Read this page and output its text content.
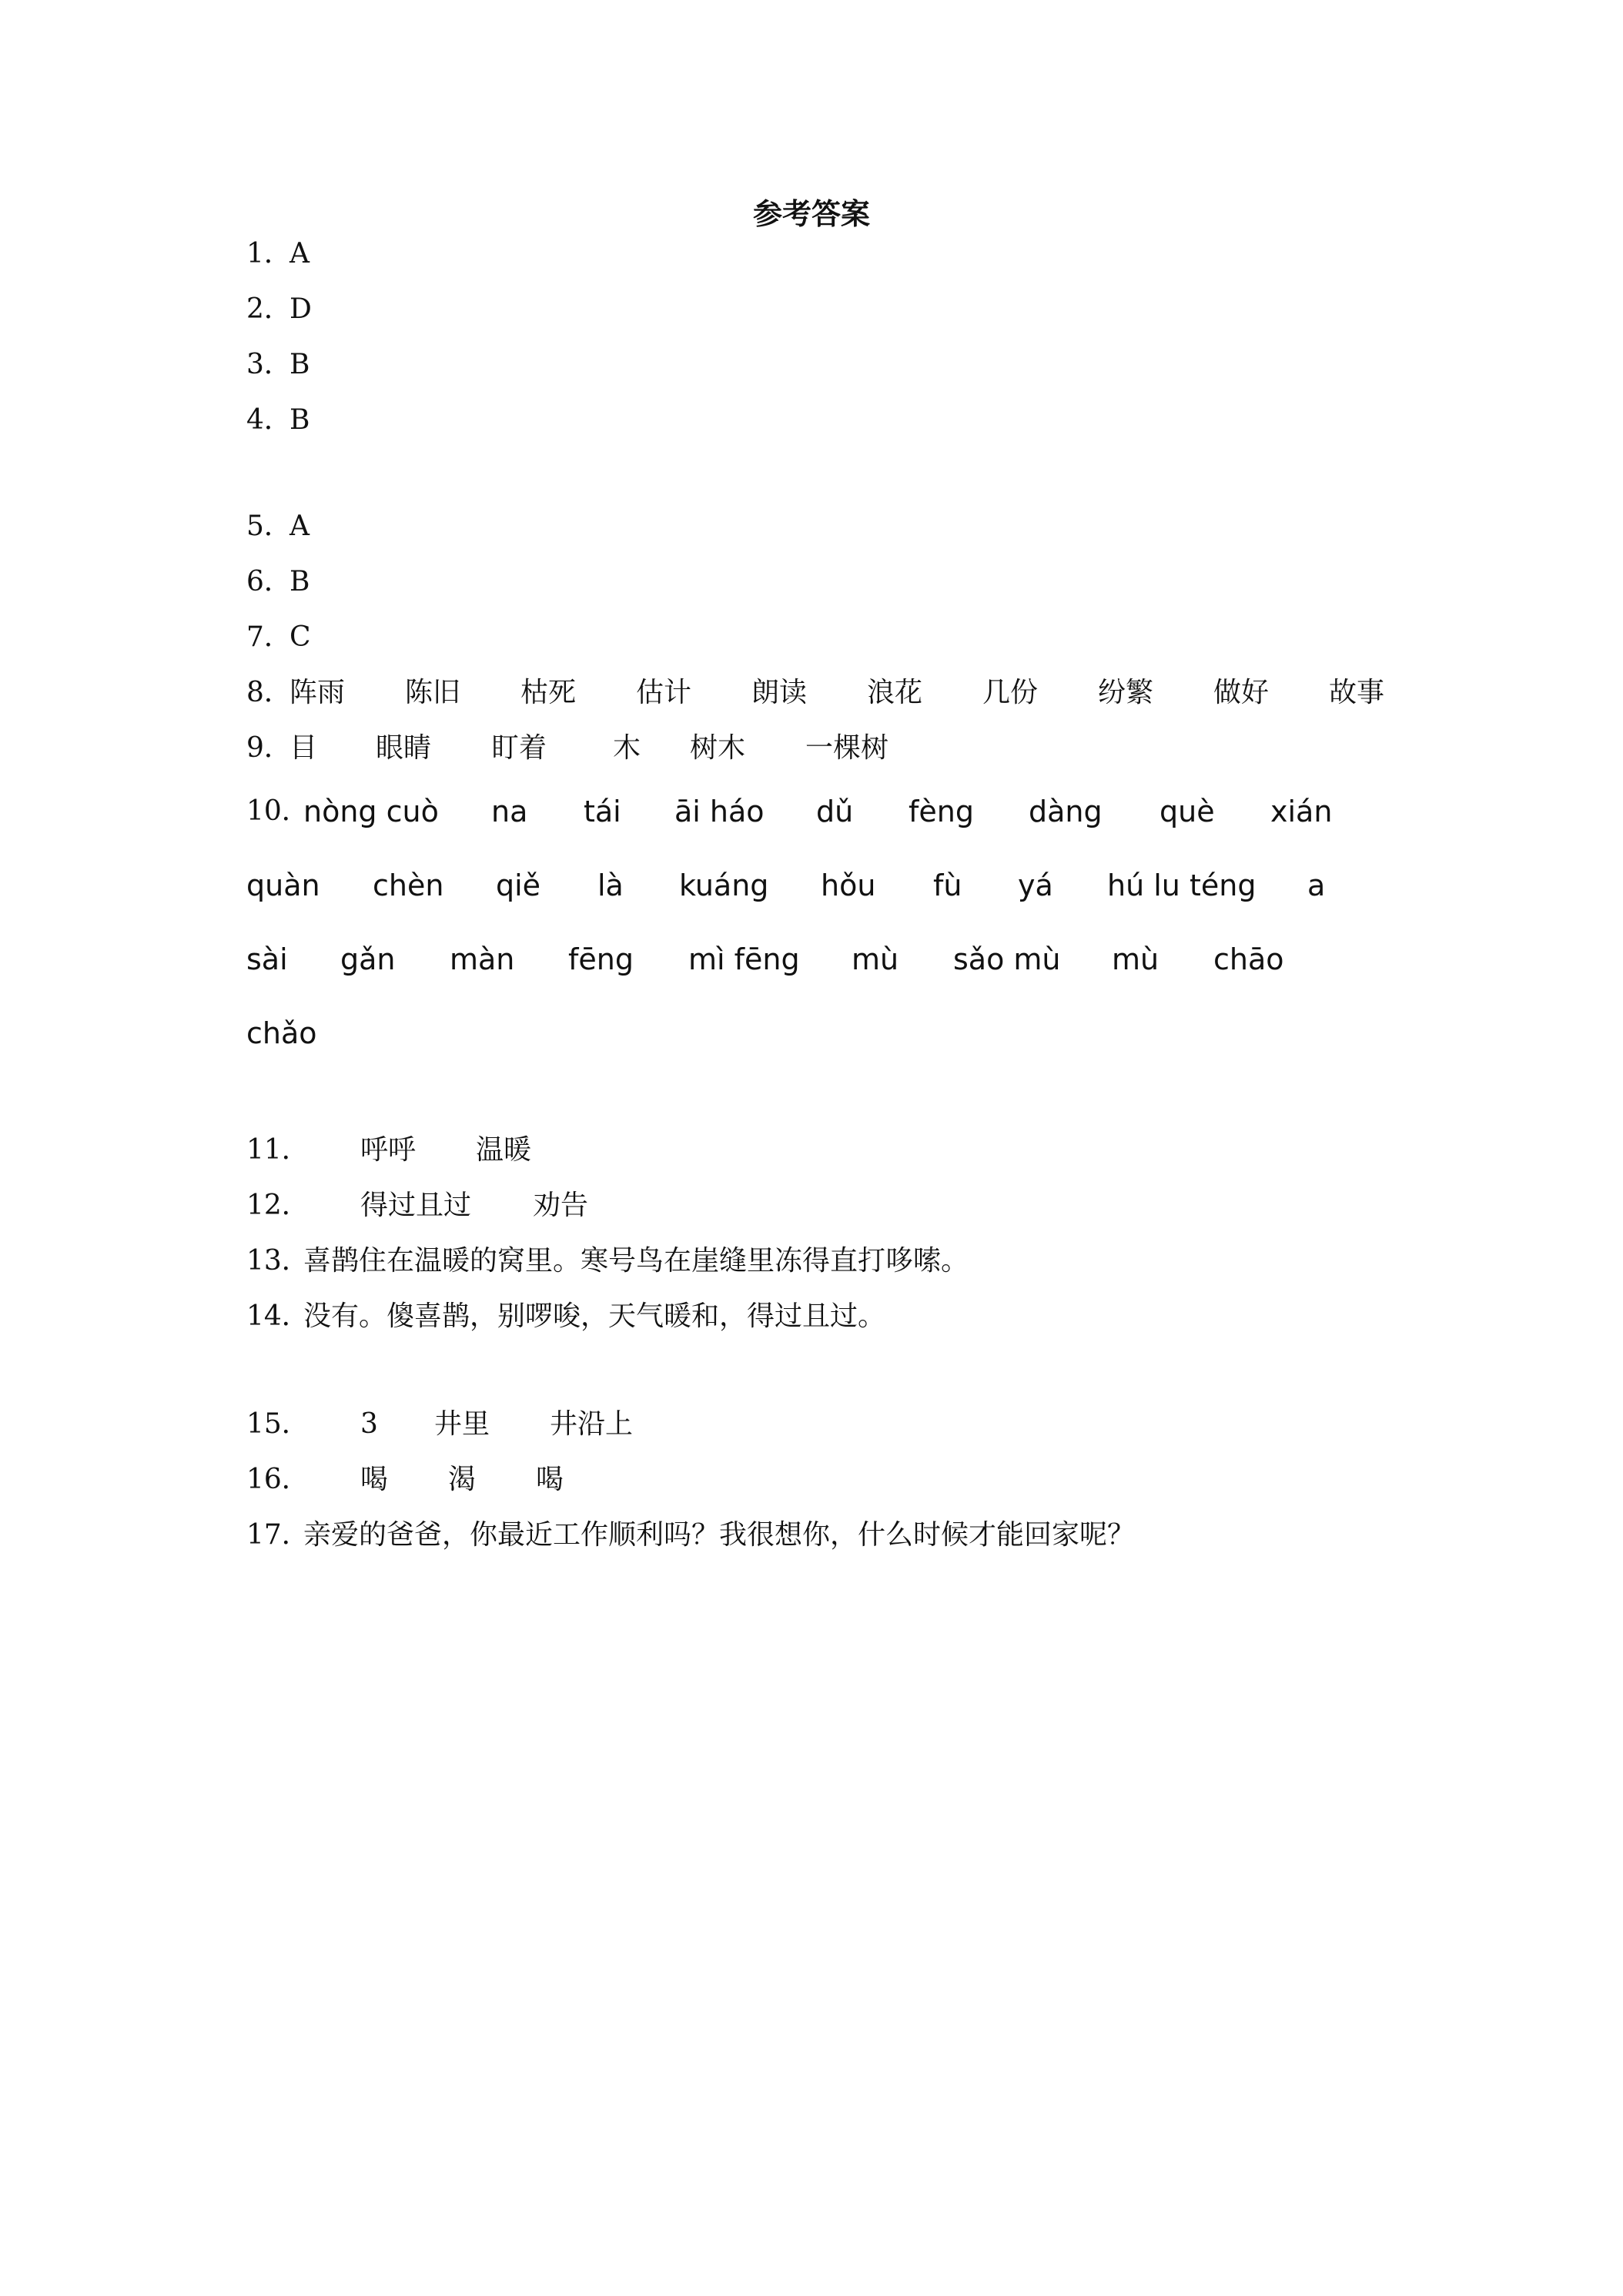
参考答案
1．
A
2．
D
3．
B
4．
B
5．
A
6．
B
7．
C
8．
阵雨 陈旧 枯死 估计 朗读 浪花 几份 纷繁 做好 故事
9．
目 眼睛 盯着 木 树木 一棵树
10．
nòng cuò na tái āi háo dǔ fèng dàng què xián
quàn chèn qiě là kuáng hǒu fù yá hú lu téng a
sài gǎn màn fēng mì fēng mù sǎo mù mù chāo
chǎo
11． 呼呼 温暖
12． 得过且过 劝告
13．
喜鹊住在温暖的窝里。寒号鸟在崖缝里冻得直打哆嗦。
14．
没有。傻喜鹊，别啰唆，天气暖和，得过且过。
15． 3 井里 井沿上
16． 喝 渴 喝
17．
亲爱的爸爸，你最近工作顺利吗？我很想你，什么时候才能回家呢？
